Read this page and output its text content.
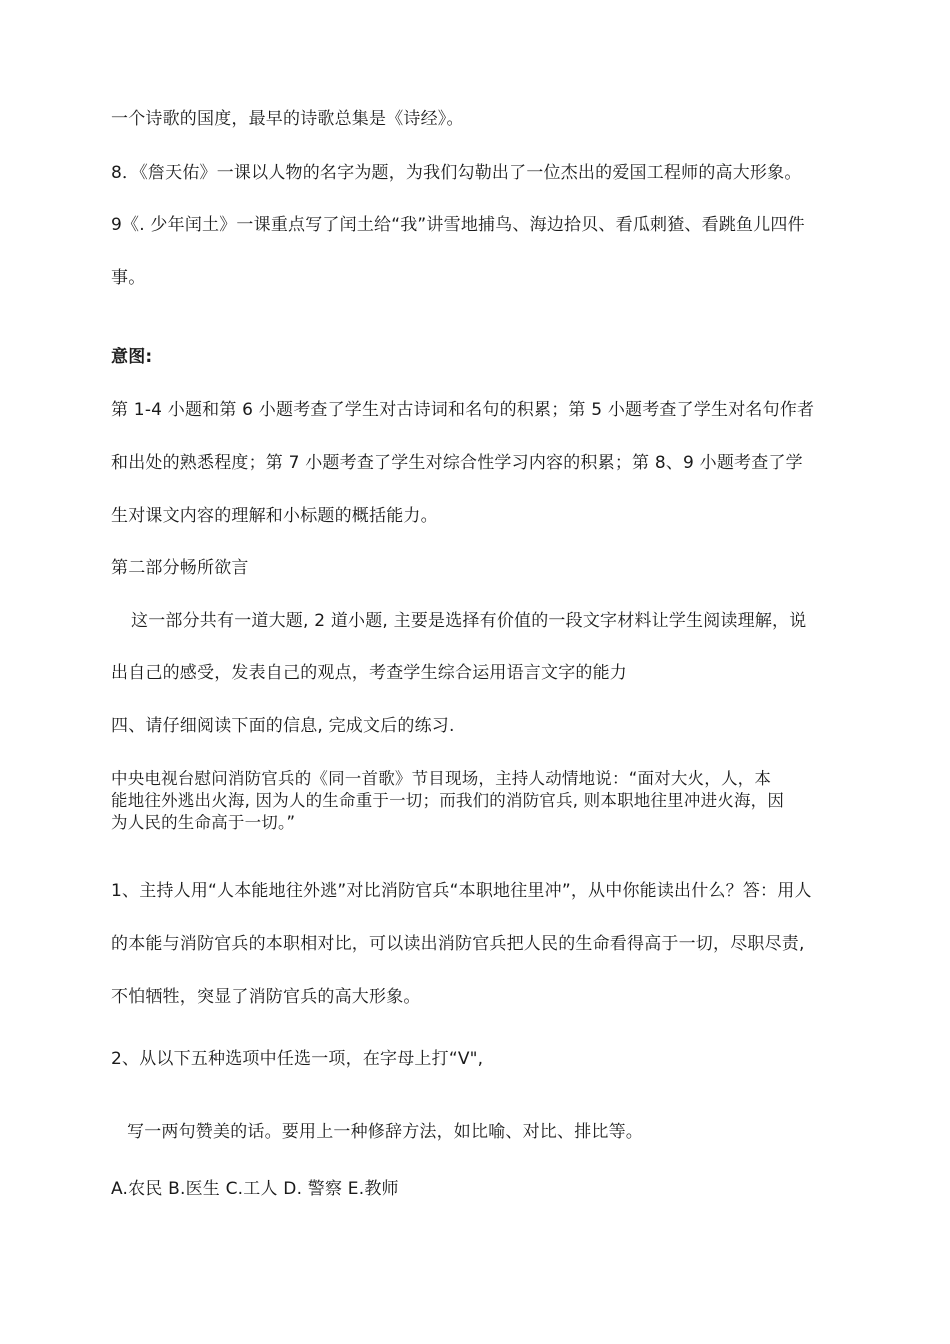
一个诗歌的国度，最早的诗歌总集是《诗经》。
8．《詹天佑》一课以人物的名字为题，为我们勾勒出了一位杰出的爱国工程师的高大形象。
9《. 少年闰土》一课重点写了闰土给“我”讲雪地捕鸟、海边拾贝、看瓜刺猹、看跳鱼儿四件
事。
意图:
第 1-4 小题和第 6 小题考查了学生对古诗词和名句的积累；第 5 小题考查了学生对名句作者
和出处的熟悉程度；第 7 小题考查了学生对综合性学习内容的积累；第 8、9 小题考查了学
生对课文内容的理解和小标题的概括能力。
第二部分畅所欲言
这一部分共有一道大题, 2 道小题, 主要是选择有价值的一段文字材料让学生阅读理解，说
出自己的感受，发表自己的观点，考查学生综合运用语言文字的能力
四、请仔细阅读下面的信息, 完成文后的练习.
中央电视台慰问消防官兵的《同一首歌》节目现场，主持人动情地说：“面对大火，人，本
能地往外逃出火海, 因为人的生命重于一切；而我们的消防官兵, 则本职地往里冲进火海，因
为人民的生命高于一切。”
1、主持人用“人本能地往外逃”对比消防官兵“本职地往里冲”，从中你能读出什么？答：用人
的本能与消防官兵的本职相对比，可以读出消防官兵把人民的生命看得高于一切，尽职尽责,
不怕牺牲，突显了消防官兵的高大形象。
2、从以下五种选项中任选一项，在字母上打“V",
写一两句赞美的话。要用上一种修辞方法，如比喻、对比、排比等。
A.农民 B.医生 C.工人 D. 警察 E.教师
